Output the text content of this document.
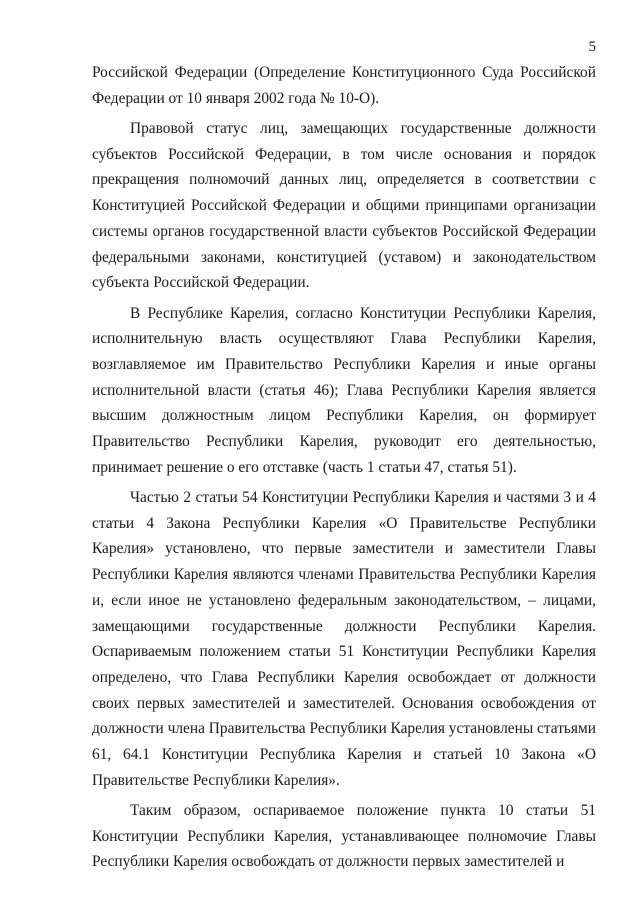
5

Российской Федерации (Определение Конституционного Суда Российской Федерации от 10 января 2002 года № 10-О).

Правовой статус лиц, замещающих государственные должности субъектов Российской Федерации, в том числе основания и порядок прекращения полномочий данных лиц, определяется в соответствии с Конституцией Российской Федерации и общими принципами организации системы органов государственной власти субъектов Российской Федерации федеральными законами, конституцией (уставом) и законодательством субъекта Российской Федерации.

В Республике Карелия, согласно Конституции Республики Карелия, исполнительную власть осуществляют Глава Республики Карелия, возглавляемое им Правительство Республики Карелия и иные органы исполнительной власти (статья 46); Глава Республики Карелия является высшим должностным лицом Республики Карелия, он формирует Правительство Республики Карелия, руководит его деятельностью, принимает решение о его отставке (часть 1 статьи 47, статья 51).

Частью 2 статьи 54 Конституции Республики Карелия и частями 3 и 4 статьи 4 Закона Республики Карелия «О Правительстве Республики Карелия» установлено, что первые заместители и заместители Главы Республики Карелия являются членами Правительства Республики Карелия и, если иное не установлено федеральным законодательством, – лицами, замещающими государственные должности Республики Карелия. Оспариваемым положением статьи 51 Конституции Республики Карелия определено, что Глава Республики Карелия освобождает от должности своих первых заместителей и заместителей. Основания освобождения от должности члена Правительства Республики Карелия установлены статьями 61, 64.1 Конституции Республика Карелия и статьей 10 Закона «О Правительстве Республики Карелия».

Таким образом, оспариваемое положение пункта 10 статьи 51 Конституции Республики Карелия, устанавливающее полномочие Главы Республики Карелия освобождать от должности первых заместителей и
